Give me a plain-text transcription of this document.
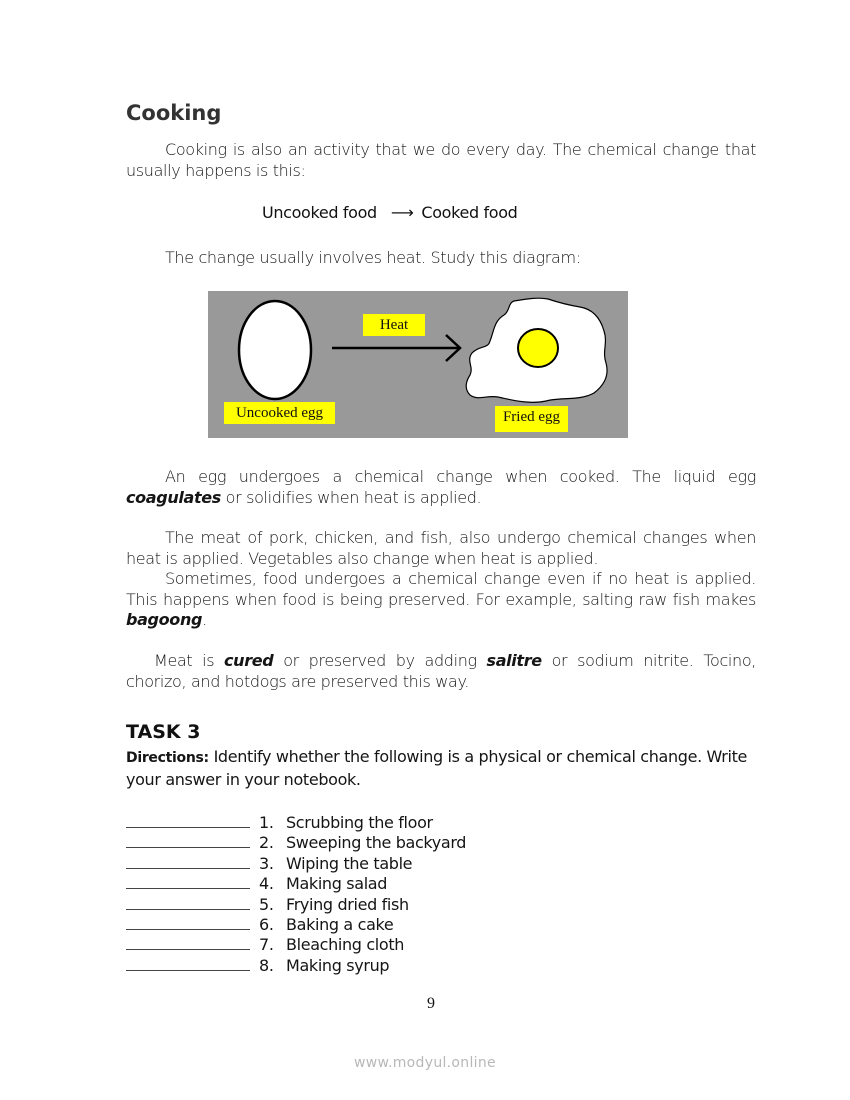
Cooking
Cooking is also an activity that we do every day. The chemical change that usually happens is this:
Uncooked food ⟶ Cooked food
The change usually involves heat. Study this diagram:
Heat
Uncooked egg	Fried egg
An egg undergoes a chemical change when cooked. The liquid egg coagulates or solidifies when heat is applied.
The meat of pork, chicken, and fish, also undergo chemical changes when heat is applied. Vegetables also change when heat is applied.
Sometimes, food undergoes a chemical change even if no heat is applied. This happens when food is being preserved. For example, salting raw fish makes bagoong.
Meat is cured or preserved by adding salitre or sodium nitrite. Tocino, chorizo, and hotdogs are preserved this way.
TASK 3
Directions: Identify whether the following is a physical or chemical change. Write your answer in your notebook.
1. Scrubbing the floor
2. Sweeping the backyard
3. Wiping the table
4. Making salad
5. Frying dried fish
6. Baking a cake
7. Bleaching cloth
8. Making syrup
9
www.modyul.online
